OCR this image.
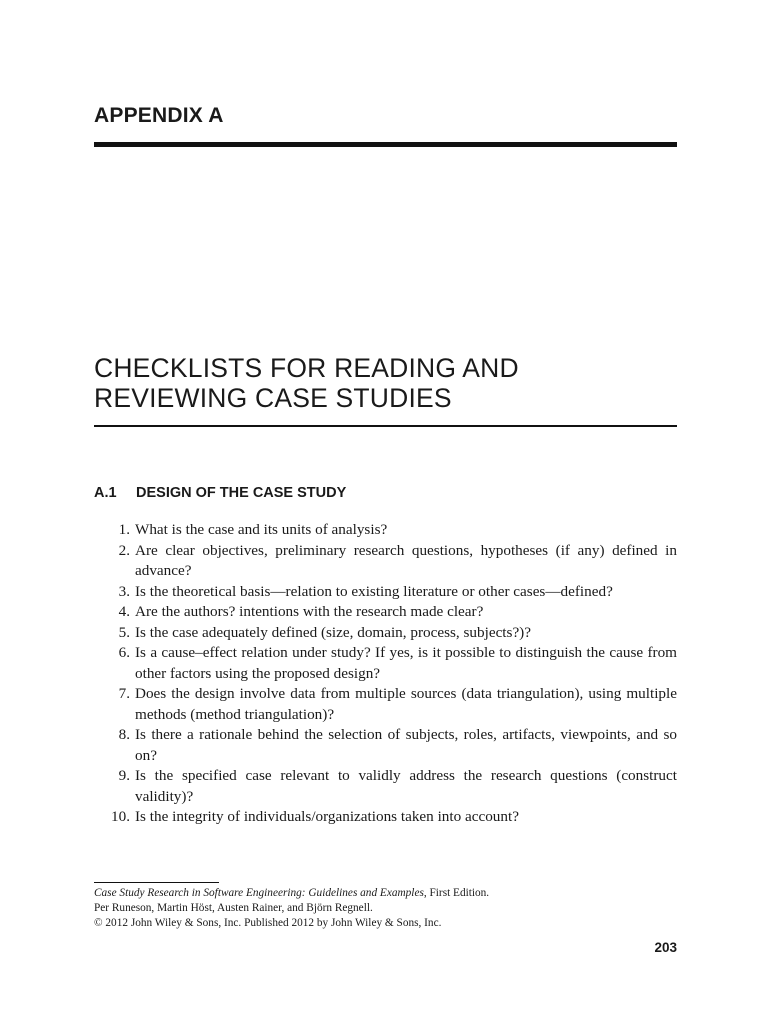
APPENDIX A
CHECKLISTS FOR READING AND
REVIEWING CASE STUDIES
A.1 DESIGN OF THE CASE STUDY
1. What is the case and its units of analysis?
2. Are clear objectives, preliminary research questions, hypotheses (if any) defined in advance?
3. Is the theoretical basis—relation to existing literature or other cases—defined?
4. Are the authors? intentions with the research made clear?
5. Is the case adequately defined (size, domain, process, subjects?)?
6. Is a cause–effect relation under study? If yes, is it possible to distinguish the cause from other factors using the proposed design?
7. Does the design involve data from multiple sources (data triangulation), using multiple methods (method triangulation)?
8. Is there a rationale behind the selection of subjects, roles, artifacts, viewpoints, and so on?
9. Is the specified case relevant to validly address the research questions (construct validity)?
10. Is the integrity of individuals/organizations taken into account?
Case Study Research in Software Engineering: Guidelines and Examples, First Edition.
Per Runeson, Martin Höst, Austen Rainer, and Björn Regnell.
© 2012 John Wiley & Sons, Inc. Published 2012 by John Wiley & Sons, Inc.
203
